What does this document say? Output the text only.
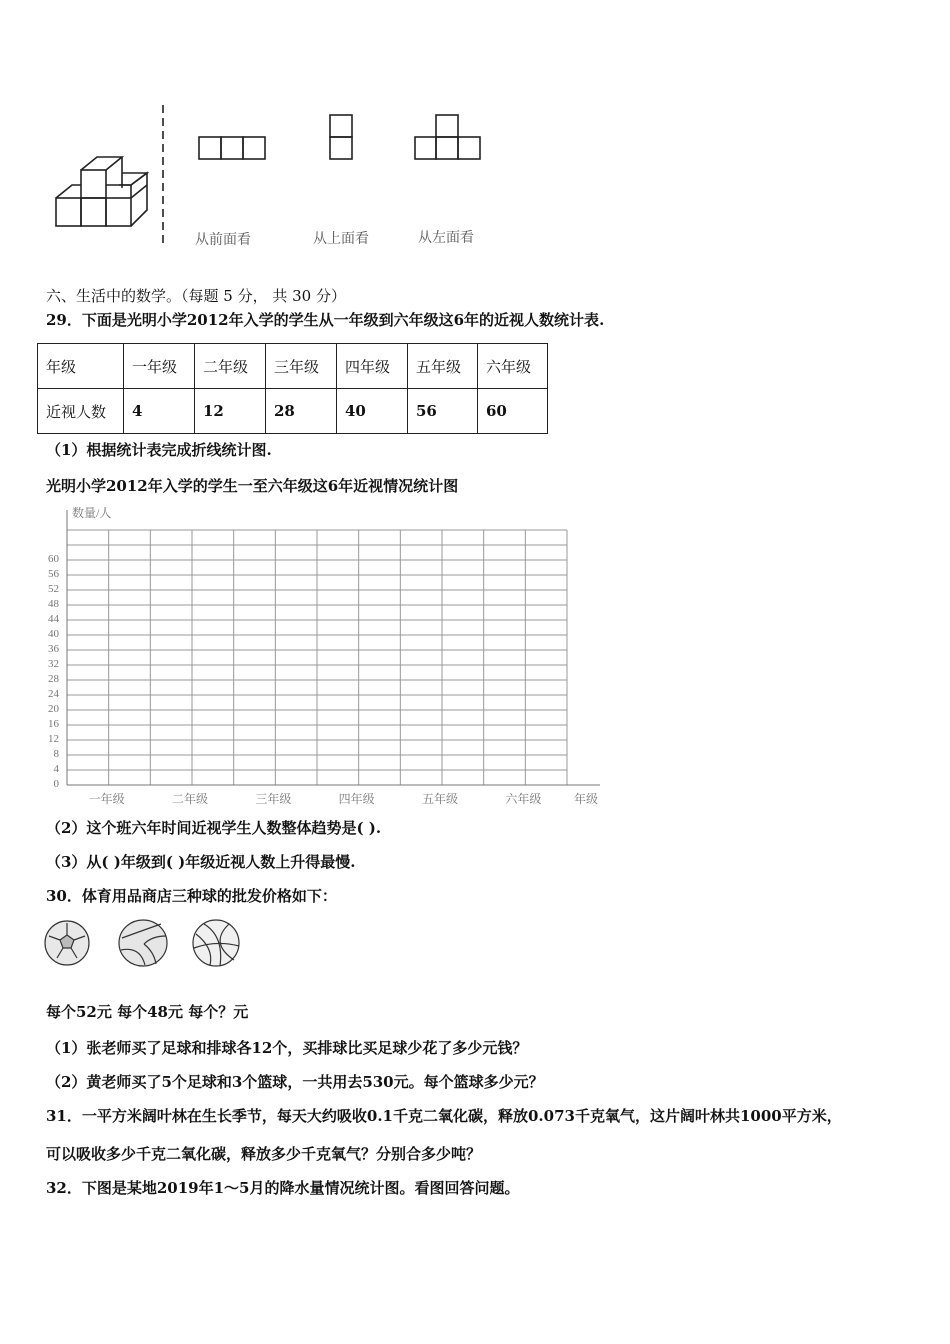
从前面看	从上面看	从左面看
六、生活中的数学。（每题 5 分， 共 30 分）
29．下面是光明小学2012年入学的学生从一年级到六年级这6年的近视人数统计表.
年级	一年级	二年级	三年级	四年级	五年级	六年级
近视人数	4	12	28	40	56	60
（1）根据统计表完成折线统计图.
光明小学2012年入学的学生一至六年级这6年近视情况统计图
数量/人
年级
0
4
8
12
16
20
24
28
32
36
40
44
48
52
56
60
一年级	二年级	三年级	四年级	五年级	六年级
（2）这个班六年时间近视学生人数整体趋势是( ).
（3）从( )年级到( )年级近视人数上升得最慢.
30．体育用品商店三种球的批发价格如下：
每个52元 每个48元 每个？元
（1）张老师买了足球和排球各12个，买排球比买足球少花了多少元钱？
（2）黄老师买了5个足球和3个篮球，一共用去530元。每个篮球多少元？
31．一平方米阔叶林在生长季节，每天大约吸收0.1千克二氧化碳，释放0.073千克氧气，这片阔叶林共1000平方米，
可以吸收多少千克二氧化碳，释放多少千克氧气？分别合多少吨？
32．下图是某地2019年1～5月的降水量情况统计图。看图回答问题。
